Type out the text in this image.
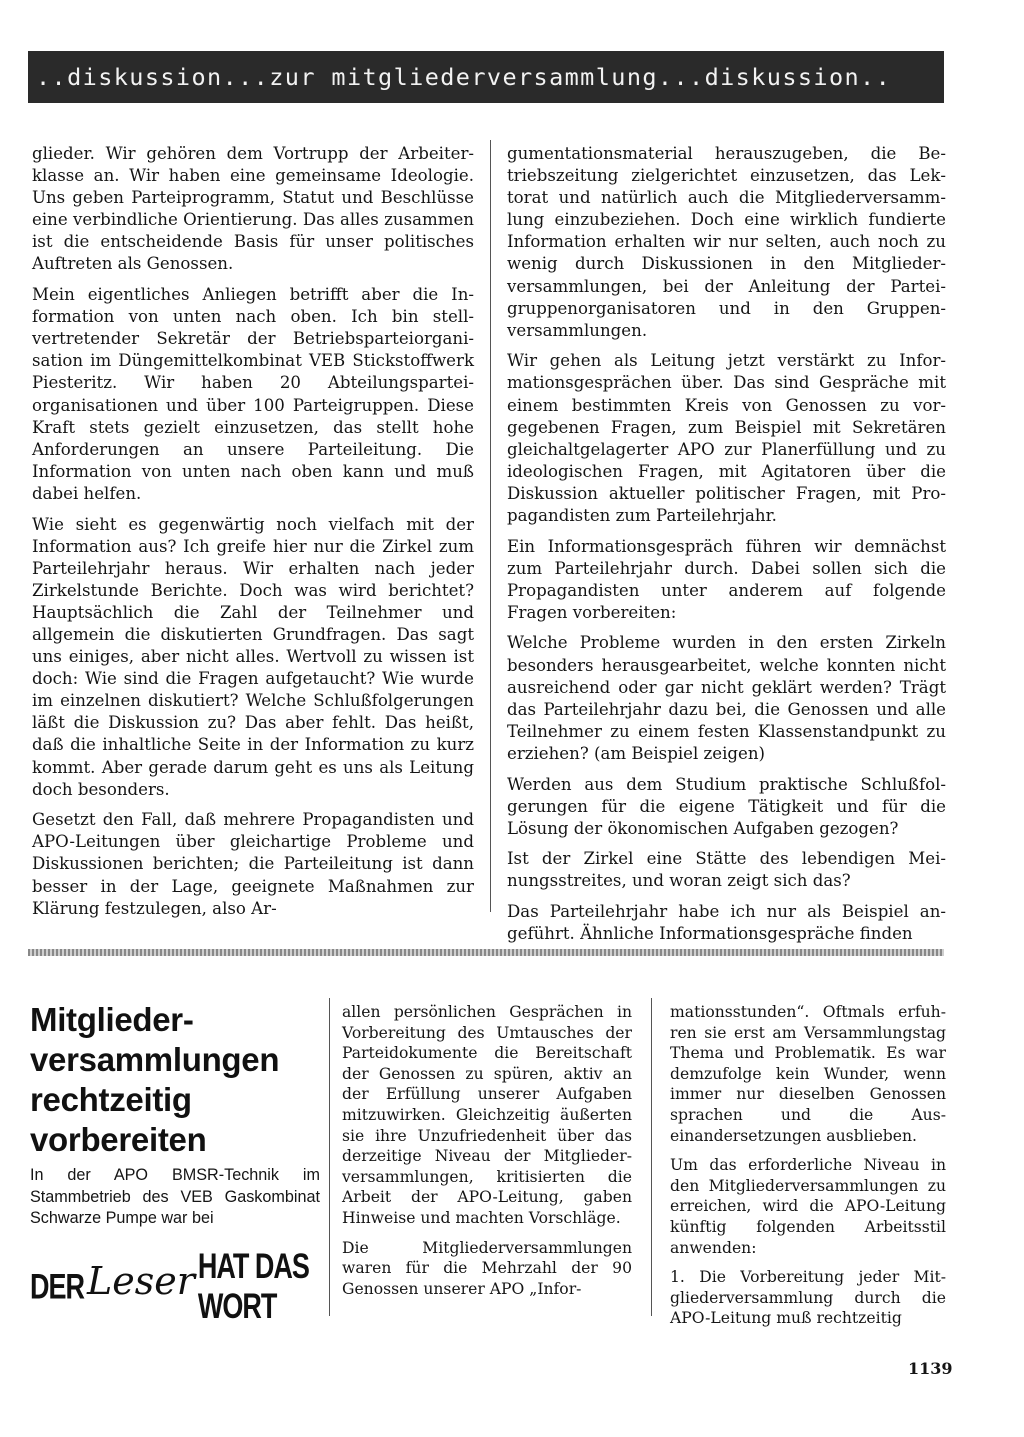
..diskussion...zur mitgliederversammlung...diskussion..

glieder. Wir gehören dem Vortrupp der Arbeiterklasse an. Wir haben eine gemeinsame Ideologie. Uns geben Parteiprogramm, Statut und Beschlüsse eine verbindliche Orientierung. Das alles zusammen ist die entscheidende Basis für unser politisches Auftreten als Genossen.

Mein eigentliches Anliegen betrifft aber die Information von unten nach oben. Ich bin stellvertretender Sekretär der Betriebsparteiorganisation im Düngemittelkombinat VEB Stickstoffwerk Piesteritz. Wir haben 20 Abteilungsparteiorganisationen und über 100 Parteigruppen. Diese Kraft stets gezielt einzusetzen, das stellt hohe Anforderungen an unsere Parteileitung. Die Information von unten nach oben kann und muß dabei helfen.

Wie sieht es gegenwärtig noch vielfach mit der Information aus? Ich greife hier nur die Zirkel zum Parteilehrjahr heraus. Wir erhalten nach jeder Zirkelstunde Berichte. Doch was wird berichtet? Hauptsächlich die Zahl der Teilnehmer und allgemein die diskutierten Grundfragen. Das sagt uns einiges, aber nicht alles. Wertvoll zu wissen ist doch: Wie sind die Fragen aufgetaucht? Wie wurde im einzelnen diskutiert? Welche Schlußfolgerungen läßt die Diskussion zu? Das aber fehlt. Das heißt, daß die inhaltliche Seite in der Information zu kurz kommt. Aber gerade darum geht es uns als Leitung doch besonders.

Gesetzt den Fall, daß mehrere Propagandisten und APO-Leitungen über gleichartige Probleme und Diskussionen berichten; die Parteileitung ist dann besser in der Lage, geeignete Maßnahmen zur Klärung festzulegen, also Ar-

gumentationsmaterial herauszugeben, die Betriebszeitung zielgerichtet einzusetzen, das Lektorat und natürlich auch die Mitgliederversammlung einzubeziehen. Doch eine wirklich fundierte Information erhalten wir nur selten, auch noch zu wenig durch Diskussionen in den Mitgliederversammlungen, bei der Anleitung der Parteigruppenorganisatoren und in den Gruppenversammlungen.

Wir gehen als Leitung jetzt verstärkt zu Informationsgesprächen über. Das sind Gespräche mit einem bestimmten Kreis von Genossen zu vorgegebenen Fragen, zum Beispiel mit Sekretären gleichaltgelagerter APO zur Planerfüllung und zu ideologischen Fragen, mit Agitatoren über die Diskussion aktueller politischer Fragen, mit Propagandisten zum Parteilehrjahr.

Ein Informationsgespräch führen wir demnächst zum Parteilehrjahr durch. Dabei sollen sich die Propagandisten unter anderem auf folgende Fragen vorbereiten:

Welche Probleme wurden in den ersten Zirkeln besonders herausgearbeitet, welche konnten nicht ausreichend oder gar nicht geklärt werden? Trägt das Parteilehrjahr dazu bei, die Genossen und alle Teilnehmer zu einem festen Klassenstandpunkt zu erziehen? (am Beispiel zeigen)

Werden aus dem Studium praktische Schlußfolgerungen für die eigene Tätigkeit und für die Lösung der ökonomischen Aufgaben gezogen?

Ist der Zirkel eine Stätte des lebendigen Meinungsstreites, und woran zeigt sich das?

Das Parteilehrjahr habe ich nur als Beispiel angeführt. Ähnliche Informationsgespräche finden

Mitgliederversammlungen rechtzeitig vorbereiten
In der APO BMSR-Technik im Stammbetrieb des VEB Gaskombinat Schwarze Pumpe war bei
DER Leser HAT DAS WORT

allen persönlichen Gesprächen in Vorbereitung des Umtausches der Parteidokumente die Bereitschaft der Genossen zu spüren, aktiv an der Erfüllung unserer Aufgaben mitzuwirken. Gleichzeitig äußerten sie ihre Unzufriedenheit über das derzeitige Niveau der Mitgliederversammlungen, kritisierten die Arbeit der APO-Leitung, gaben Hinweise und machten Vorschläge.

Die Mitgliederversammlungen waren für die Mehrzahl der 90 Genossen unserer APO „Infor-

mationsstunden“. Oftmals erfuhren sie erst am Versammlungstag Thema und Problematik. Es war demzufolge kein Wunder, wenn immer nur dieselben Genossen sprachen und die Auseinandersetzungen ausblieben.

Um das erforderliche Niveau in den Mitgliederversammlungen zu erreichen, wird die APO-Leitung künftig folgenden Arbeitsstil anwenden:

1. Die Vorbereitung jeder Mitgliederversammlung durch die APO-Leitung muß rechtzeitig

1139
